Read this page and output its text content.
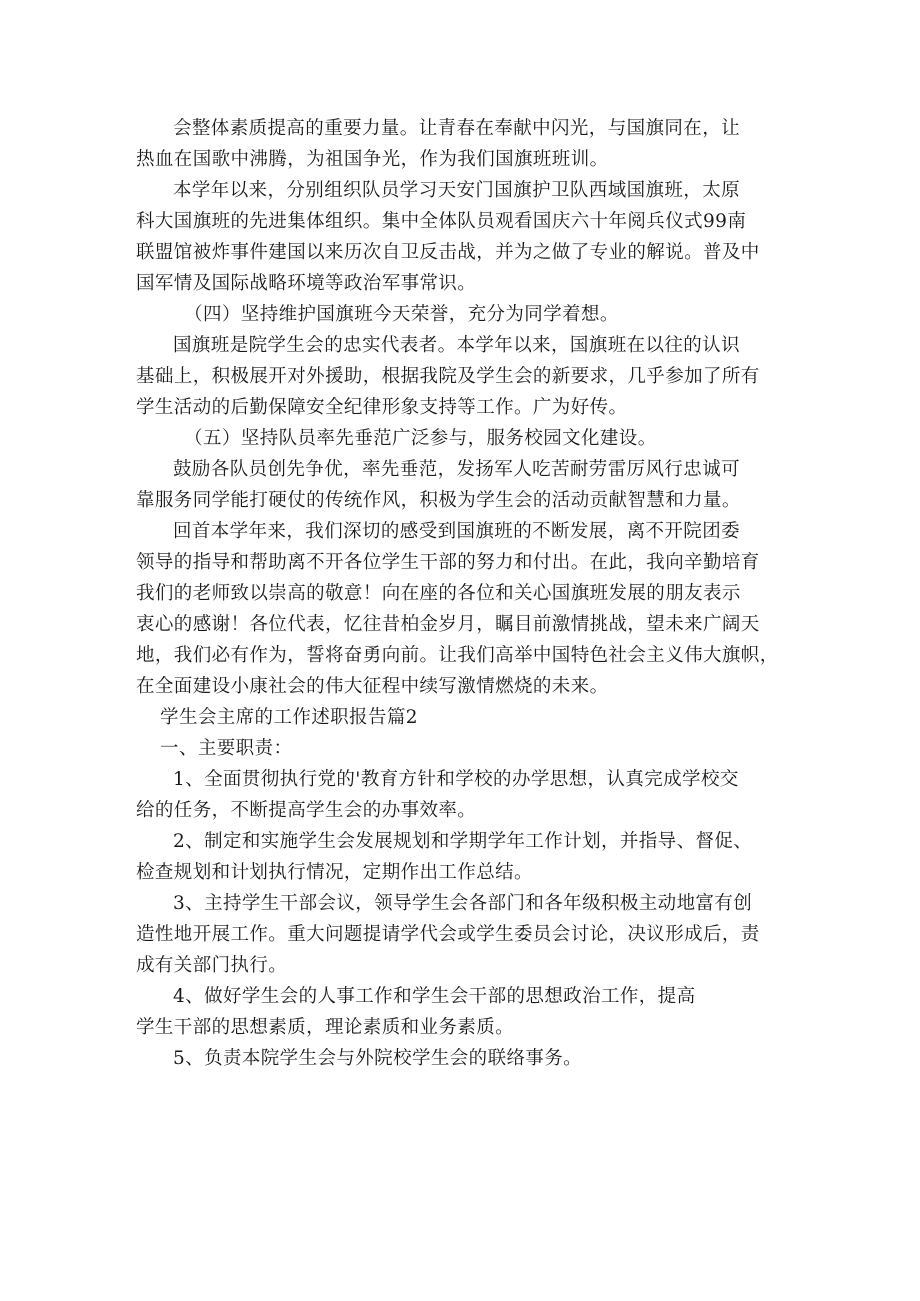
会整体素质提高的重要力量。让青春在奉献中闪光，与国旗同在，让
热血在国歌中沸腾，为祖国争光，作为我们国旗班班训。
本学年以来，分别组织队员学习天安门国旗护卫队西域国旗班，太原
科大国旗班的先进集体组织。集中全体队员观看国庆六十年阅兵仪式99南
联盟馆被炸事件建国以来历次自卫反击战，并为之做了专业的解说。普及中
国军情及国际战略环境等政治军事常识。
（四）坚持维护国旗班今天荣誉，充分为同学着想。
国旗班是院学生会的忠实代表者。本学年以来，国旗班在以往的认识
基础上，积极展开对外援助，根据我院及学生会的新要求，几乎参加了所有
学生活动的后勤保障安全纪律形象支持等工作。广为好传。
（五）坚持队员率先垂范广泛参与，服务校园文化建设。
鼓励各队员创先争优，率先垂范，发扬军人吃苦耐劳雷厉风行忠诚可
靠服务同学能打硬仗的传统作风，积极为学生会的活动贡献智慧和力量。
回首本学年来，我们深切的感受到国旗班的不断发展，离不开院团委
领导的指导和帮助离不开各位学生干部的努力和付出。在此，我向辛勤培育
我们的老师致以崇高的敬意！向在座的各位和关心国旗班发展的朋友表示
衷心的感谢！各位代表，忆往昔柏金岁月，瞩目前激情挑战，望未来广阔天
地，我们必有作为，誓将奋勇向前。让我们高举中国特色社会主义伟大旗帜，
在全面建设小康社会的伟大征程中续写激情燃烧的未来。
学生会主席的工作述职报告篇2
一、主要职责：
1、全面贯彻执行党的'教育方针和学校的办学思想，认真完成学校交
给的任务，不断提高学生会的办事效率。
2、制定和实施学生会发展规划和学期学年工作计划，并指导、督促、
检查规划和计划执行情况，定期作出工作总结。
3、主持学生干部会议，领导学生会各部门和各年级积极主动地富有创
造性地开展工作。重大问题提请学代会或学生委员会讨论，决议形成后，责
成有关部门执行。
4、做好学生会的人事工作和学生会干部的思想政治工作，提高
学生干部的思想素质，理论素质和业务素质。
5、负责本院学生会与外院校学生会的联络事务。
